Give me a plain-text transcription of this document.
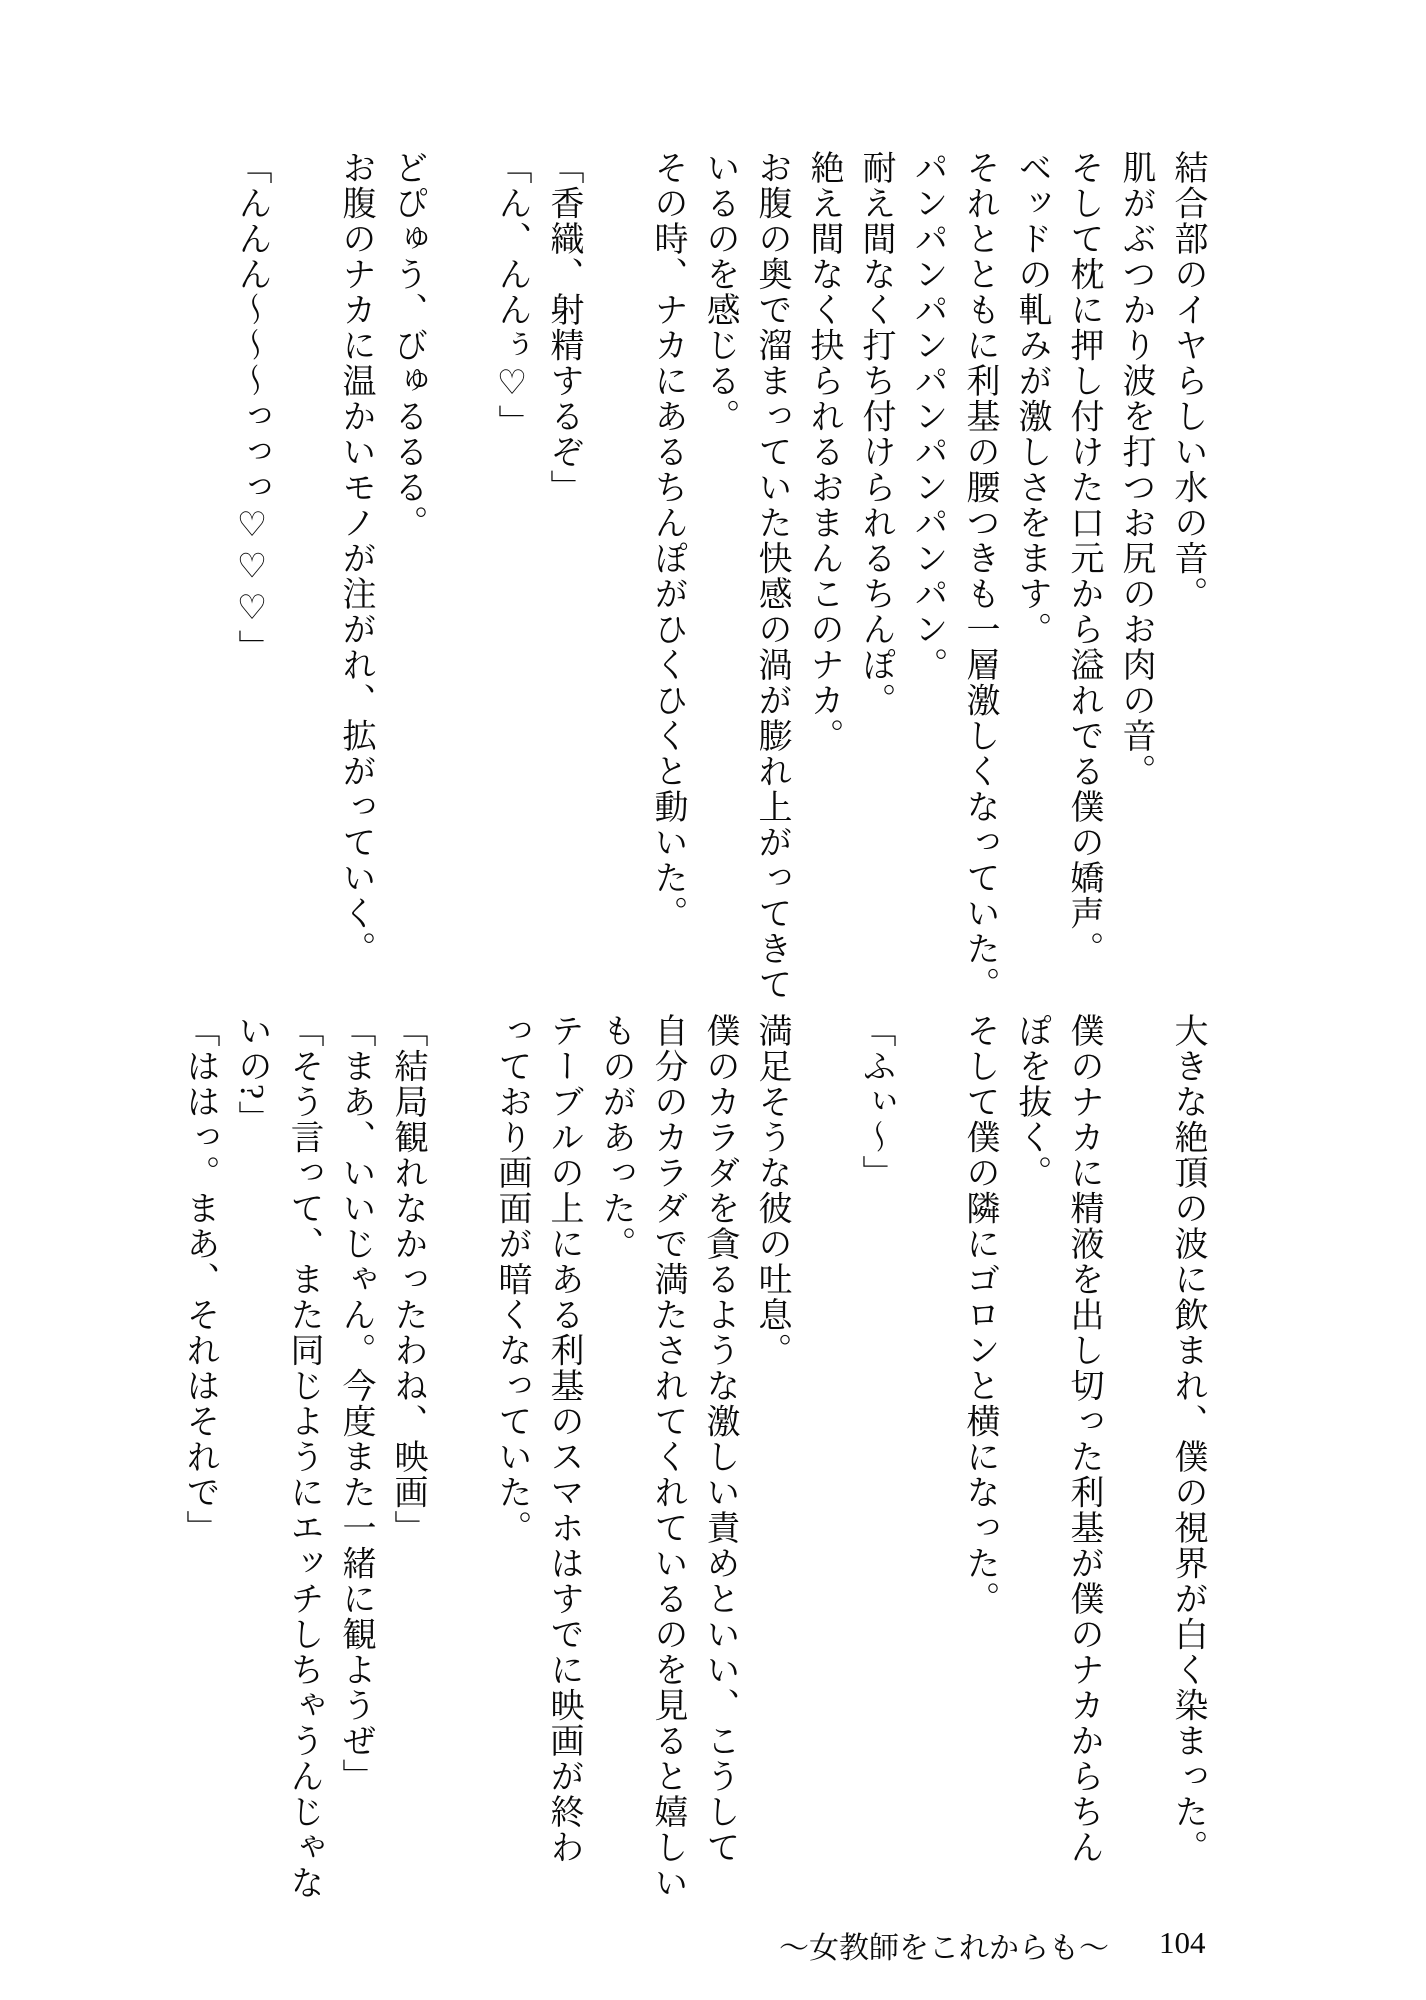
結合部のイヤらしい水の音。
肌がぶつかり波を打つお尻のお肉の音。
そして枕に押し付けた口元から溢れでる僕の嬌声。
ベッドの軋みが激しさをます。
それとともに利基の腰つきも一層激しくなっていた。
パンパンパンパンパンパンパン。
耐え間なく打ち付けられるちんぽ。
絶え間なく抉られるおまんこのナカ。
お腹の奥で溜まっていた快感の渦が膨れ上がってきて
いるのを感じる。
その時、ナカにあるちんぽがひくひくと動いた。
「香織、射精するぞ」
「ん、んんぅ♡」
どぴゅう、びゅるるる。
お腹のナカに温かいモノが注がれ、拡がっていく。
「んんん〜〜〜っっっ♡♡♡」
大きな絶頂の波に飲まれ、僕の視界が白く染まった。
僕のナカに精液を出し切った利基が僕のナカからちん
ぽを抜く。
そして僕の隣にゴロンと横になった。
「ふぃ〜」
満足そうな彼の吐息。
僕のカラダを貪るような激しい責めといい、こうして
自分のカラダで満たされてくれているのを見ると嬉しい
ものがあった。
テーブルの上にある利基のスマホはすでに映画が終わ
っており画面が暗くなっていた。
「結局観れなかったわね、映画」
「まあ、いいじゃん。今度また一緒に観ようぜ」
「そう言って、また同じようにエッチしちゃうんじゃな
いの?」
「ははっ。まあ、それはそれで」
〜女教師をこれからも〜 104
